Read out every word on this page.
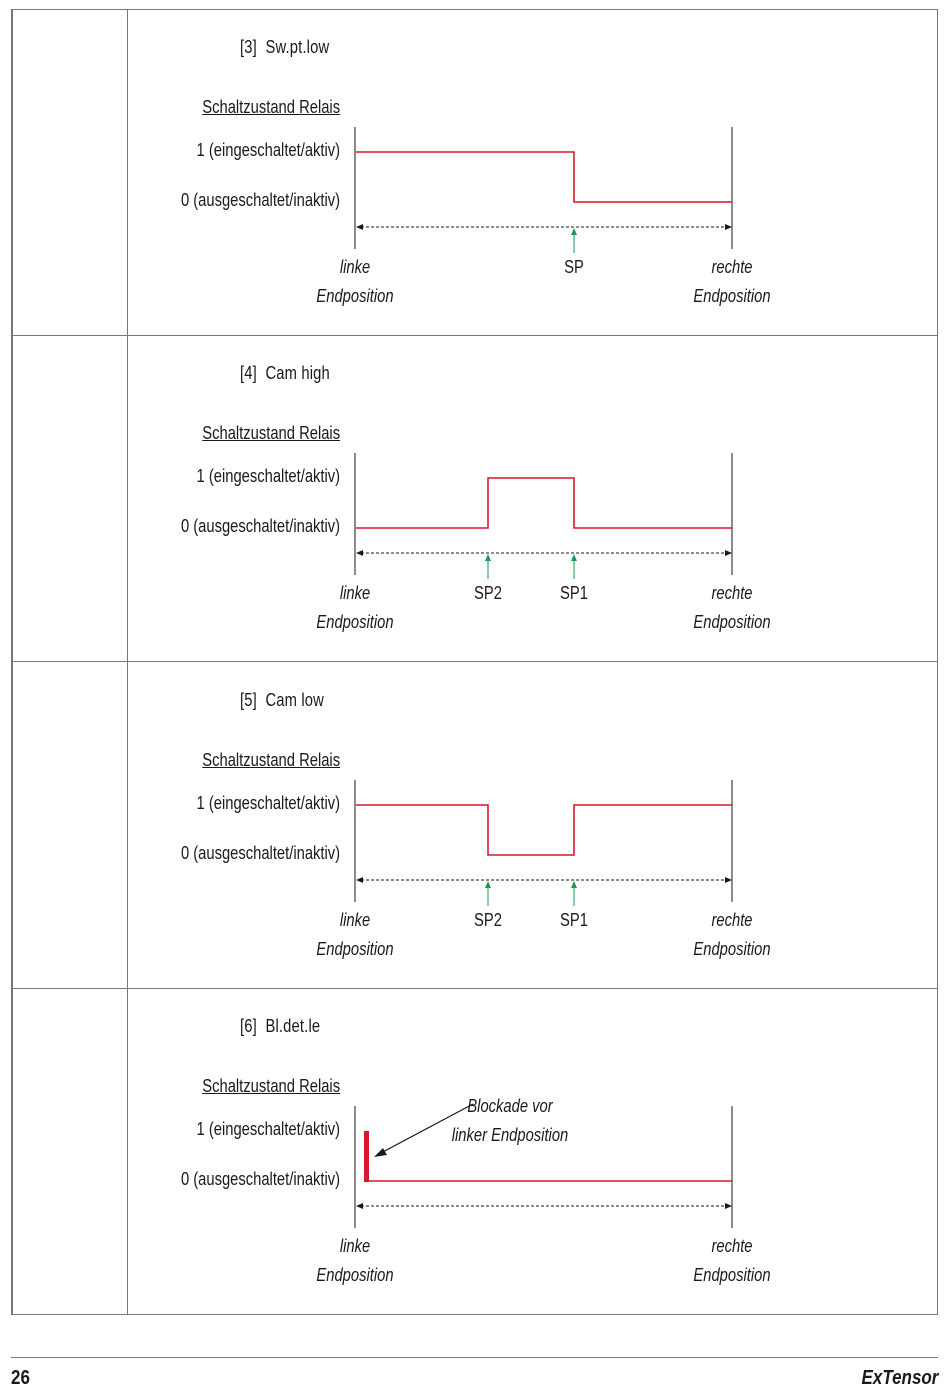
[3] Sw.pt.low
Schaltzustand Relais
1 (eingeschaltet/aktiv)
0 (ausgeschaltet/inaktiv)
SP
linke
Endposition
rechte
Endposition
[4] Cam high
Schaltzustand Relais
1 (eingeschaltet/aktiv)
0 (ausgeschaltet/inaktiv)
SP2	SP1
linke
Endposition
rechte
Endposition
[5] Cam low
Schaltzustand Relais
1 (eingeschaltet/aktiv)
0 (ausgeschaltet/inaktiv)
SP2	SP1
linke
Endposition
rechte
Endposition
[6] Bl.det.le
Schaltzustand Relais
1 (eingeschaltet/aktiv)
0 (ausgeschaltet/inaktiv)
Blockade vor
linker Endposition
linke
Endposition
rechte
Endposition
26	ExTensor
